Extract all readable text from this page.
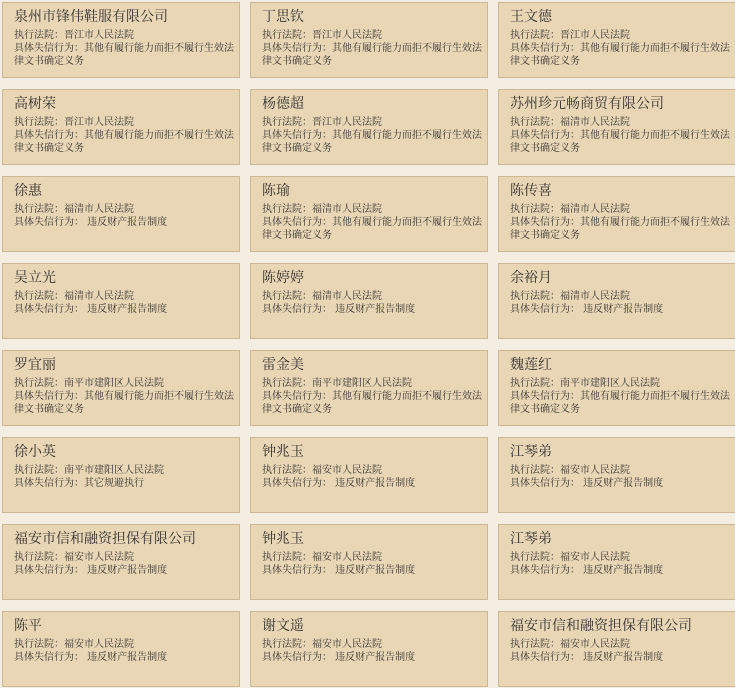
泉州市锋伟鞋服有限公司
执行法院：晋江市人民法院
具体失信行为：其他有履行能力而拒不履行生效法律文书确定义务
丁思钦
执行法院：晋江市人民法院
具体失信行为：其他有履行能力而拒不履行生效法律文书确定义务
王文德
执行法院：晋江市人民法院
具体失信行为：其他有履行能力而拒不履行生效法律文书确定义务
高树荣
执行法院：晋江市人民法院
具体失信行为：其他有履行能力而拒不履行生效法律文书确定义务
杨德超
执行法院：晋江市人民法院
具体失信行为：其他有履行能力而拒不履行生效法律文书确定义务
苏州珍元畅商贸有限公司
执行法院：福清市人民法院
具体失信行为：其他有履行能力而拒不履行生效法律文书确定义务
徐惠
执行法院：福清市人民法院
具体失信行为： 违反财产报告制度
陈瑜
执行法院：福清市人民法院
具体失信行为：其他有履行能力而拒不履行生效法律文书确定义务
陈传喜
执行法院：福清市人民法院
具体失信行为：其他有履行能力而拒不履行生效法律文书确定义务
吴立光
执行法院：福清市人民法院
具体失信行为： 违反财产报告制度
陈婷婷
执行法院：福清市人民法院
具体失信行为： 违反财产报告制度
余裕月
执行法院：福清市人民法院
具体失信行为： 违反财产报告制度
罗宜丽
执行法院：南平市建阳区人民法院
具体失信行为：其他有履行能力而拒不履行生效法律文书确定义务
雷金美
执行法院：南平市建阳区人民法院
具体失信行为：其他有履行能力而拒不履行生效法律文书确定义务
魏莲红
执行法院：南平市建阳区人民法院
具体失信行为：其他有履行能力而拒不履行生效法律文书确定义务
徐小英
执行法院：南平市建阳区人民法院
具体失信行为：其它规避执行
钟兆玉
执行法院：福安市人民法院
具体失信行为： 违反财产报告制度
江琴弟
执行法院：福安市人民法院
具体失信行为： 违反财产报告制度
福安市信和融资担保有限公司
执行法院：福安市人民法院
具体失信行为： 违反财产报告制度
钟兆玉
执行法院：福安市人民法院
具体失信行为： 违反财产报告制度
江琴弟
执行法院：福安市人民法院
具体失信行为： 违反财产报告制度
陈平
执行法院：福安市人民法院
具体失信行为： 违反财产报告制度
谢文遥
执行法院：福安市人民法院
具体失信行为： 违反财产报告制度
福安市信和融资担保有限公司
执行法院：福安市人民法院
具体失信行为： 违反财产报告制度
